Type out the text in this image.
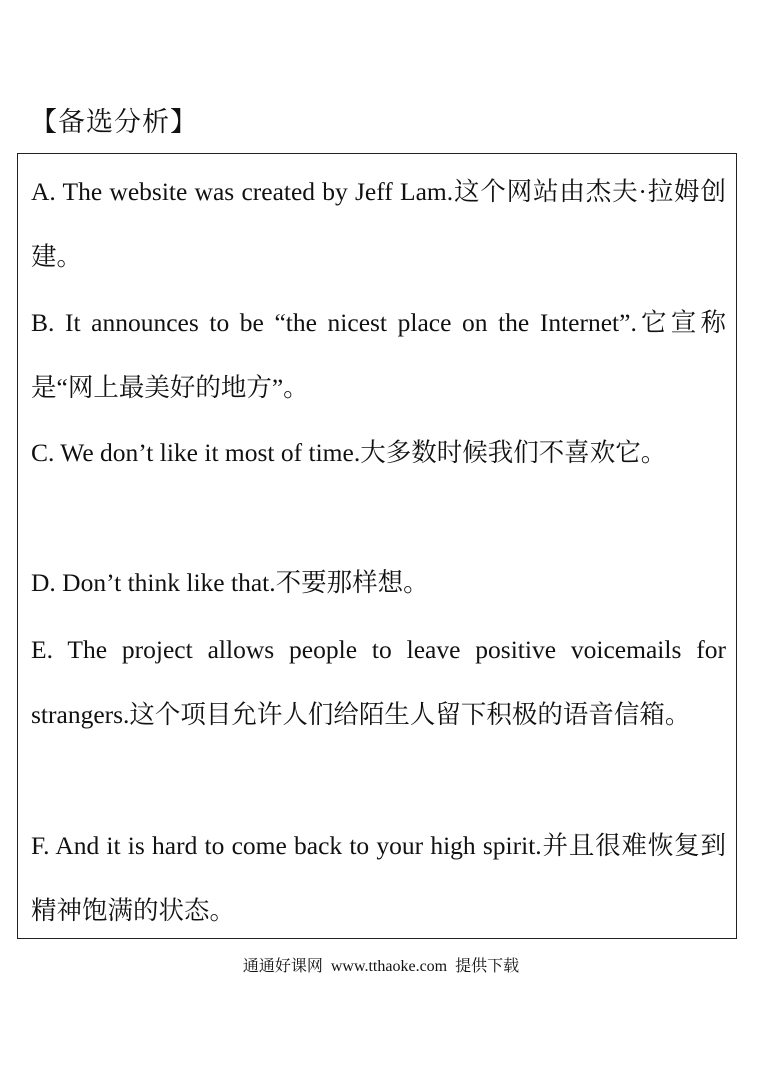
【备选分析】

A. The website was created by Jeff Lam.这个网站由杰夫·拉姆创建。

B. It announces to be “the nicest place on the Internet”.它宣称是“网上最美好的地方”。

C. We don’t like it most of time.大多数时候我们不喜欢它。

D. Don’t think like that.不要那样想。

E. The project allows people to leave positive voicemails for strangers.这个项目允许人们给陌生人留下积极的语音信箱。

F. And it is hard to come back to your high spirit.并且很难恢复到精神饱满的状态。

通通好课网  www.tthaoke.com  提供下载
